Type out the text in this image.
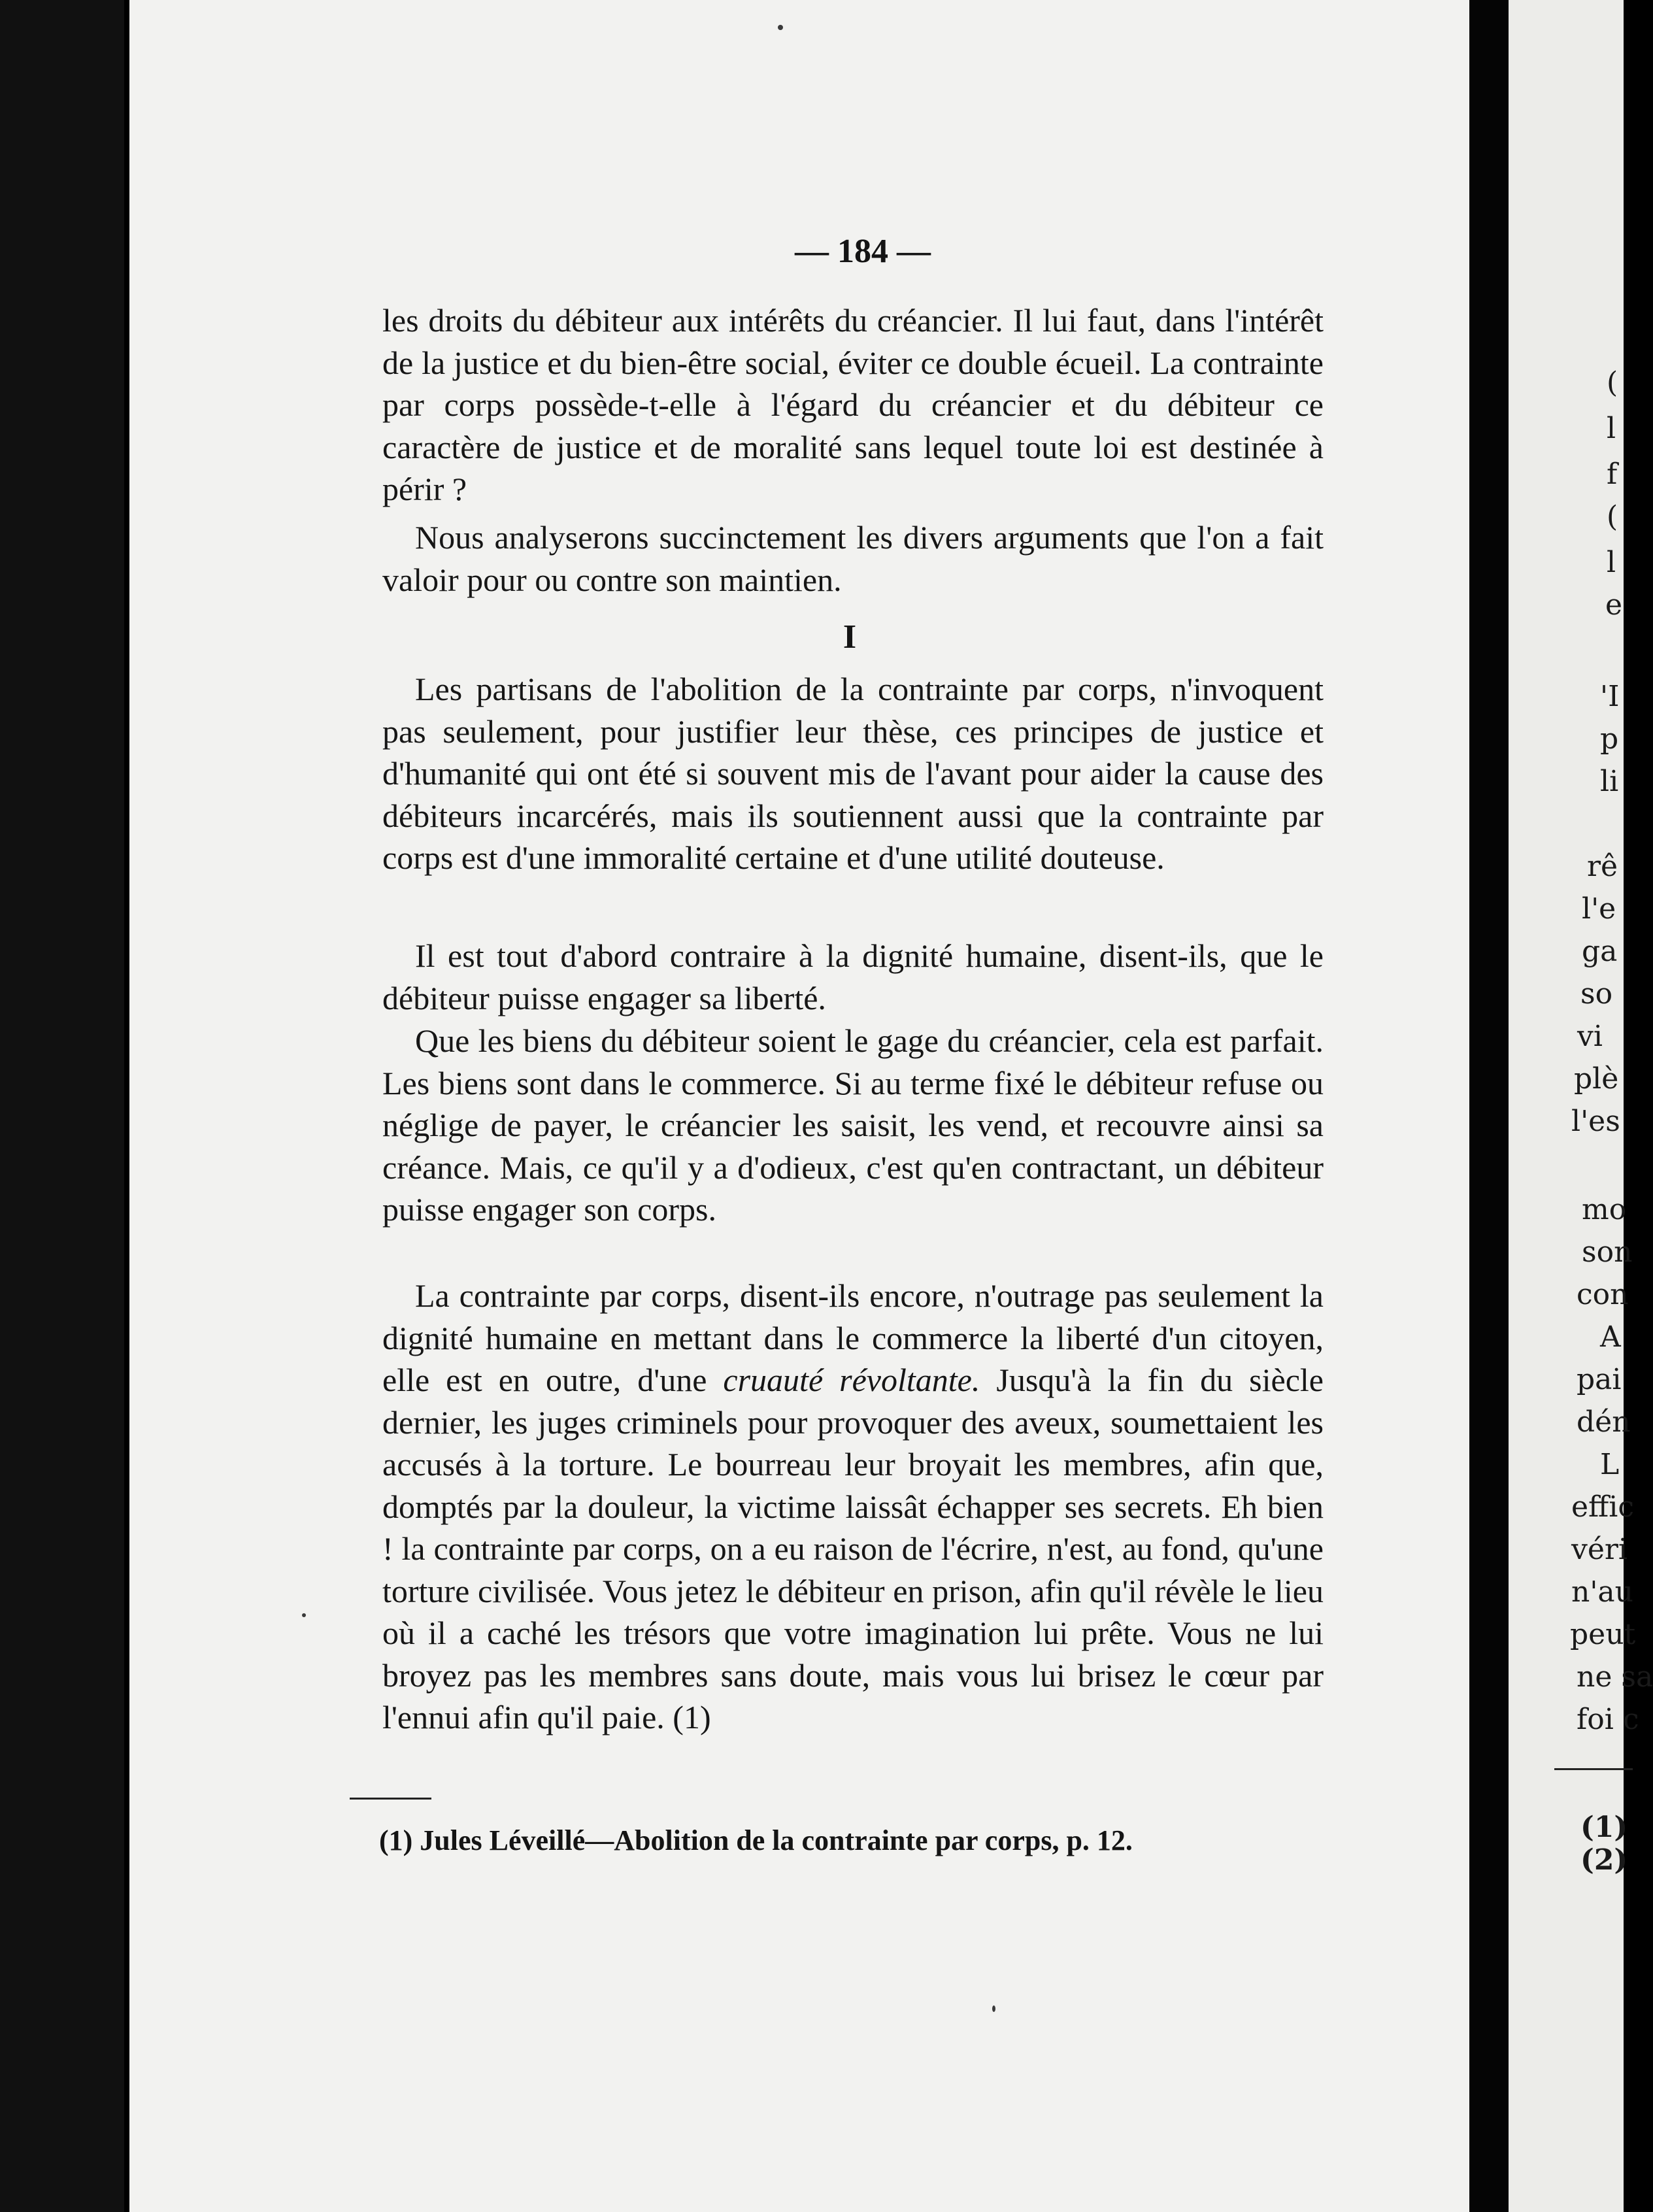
— 184 —

les droits du débiteur aux intérêts du créancier. Il lui faut, dans l'intérêt de la justice et du bien-être social, éviter ce double écueil. La contrainte par corps possède-t-elle à l'égard du créancier et du débiteur ce caractère de justice et de moralité sans lequel toute loi est destinée à périr ?

Nous analyserons succinctement les divers arguments que l'on a fait valoir pour ou contre son maintien.

I

Les partisans de l'abolition de la contrainte par corps, n'invoquent pas seulement, pour justifier leur thèse, ces principes de justice et d'humanité qui ont été si souvent mis de l'avant pour aider la cause des débiteurs incarcérés, mais ils soutiennent aussi que la contrainte par corps est d'une immoralité certaine et d'une utilité douteuse.

Il est tout d'abord contraire à la dignité humaine, disent-ils, que le débiteur puisse engager sa liberté.

Que les biens du débiteur soient le gage du créancier, cela est parfait. Les biens sont dans le commerce. Si au terme fixé le débiteur refuse ou néglige de payer, le créancier les saisit, les vend, et recouvre ainsi sa créance. Mais, ce qu'il y a d'odieux, c'est qu'en contractant, un débiteur puisse engager son corps.

La contrainte par corps, disent-ils encore, n'outrage pas seulement la dignité humaine en mettant dans le commerce la liberté d'un citoyen, elle est en outre, d'une cruauté révoltante. Jusqu'à la fin du siècle dernier, les juges criminels pour provoquer des aveux, soumettaient les accusés à la torture. Le bourreau leur broyait les membres, afin que, domptés par la douleur, la victime laissât échapper ses secrets. Eh bien ! la contrainte par corps, on a eu raison de l'écrire, n'est, au fond, qu'une torture civilisée. Vous jetez le débiteur en prison, afin qu'il révèle le lieu où il a caché les trésors que votre imagination lui prête. Vous ne lui broyez pas les membres sans doute, mais vous lui brisez le cœur par l'ennui afin qu'il paie. (1)

(1) Jules Léveillé—Abolition de la contrainte par corps, p. 12.
(
l
f
(
l
e
'I
p
li
rê
l'e
ga
so
vi
plè
l'es
mo
son
con
A
pai
dén
L
effic
véri
n'au
peut
ne sa
foi c
(1)
(2)
